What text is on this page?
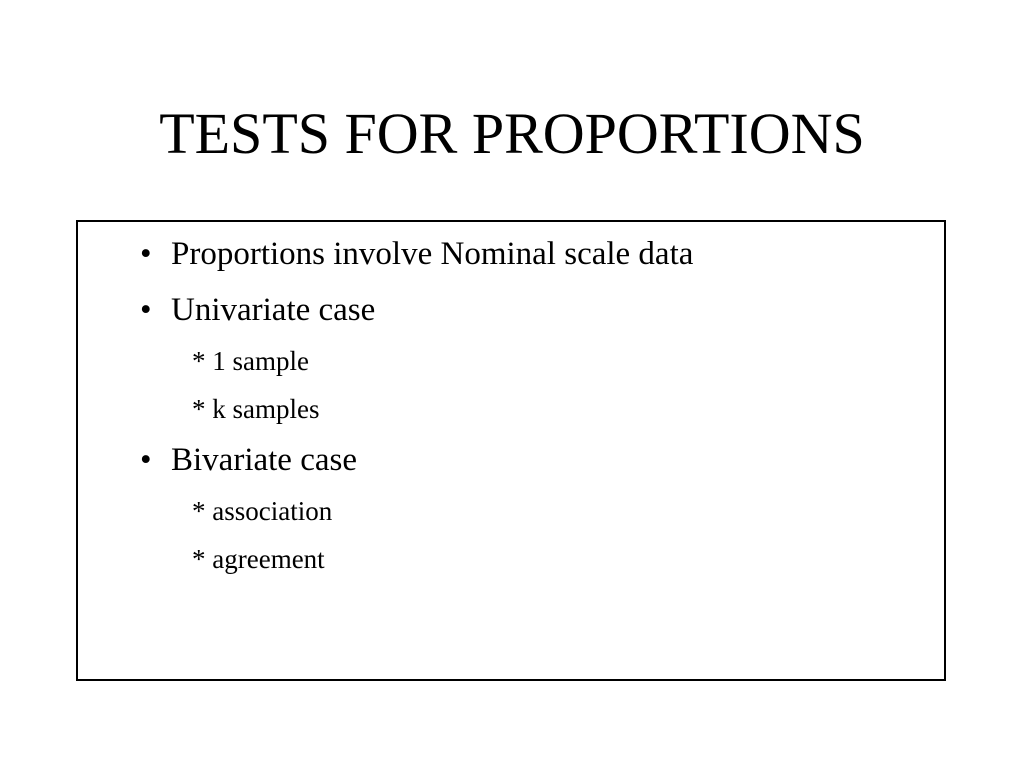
TESTS FOR PROPORTIONS
• Proportions involve Nominal scale data
• Univariate case
* 1 sample
* k samples
• Bivariate case
* association
* agreement
